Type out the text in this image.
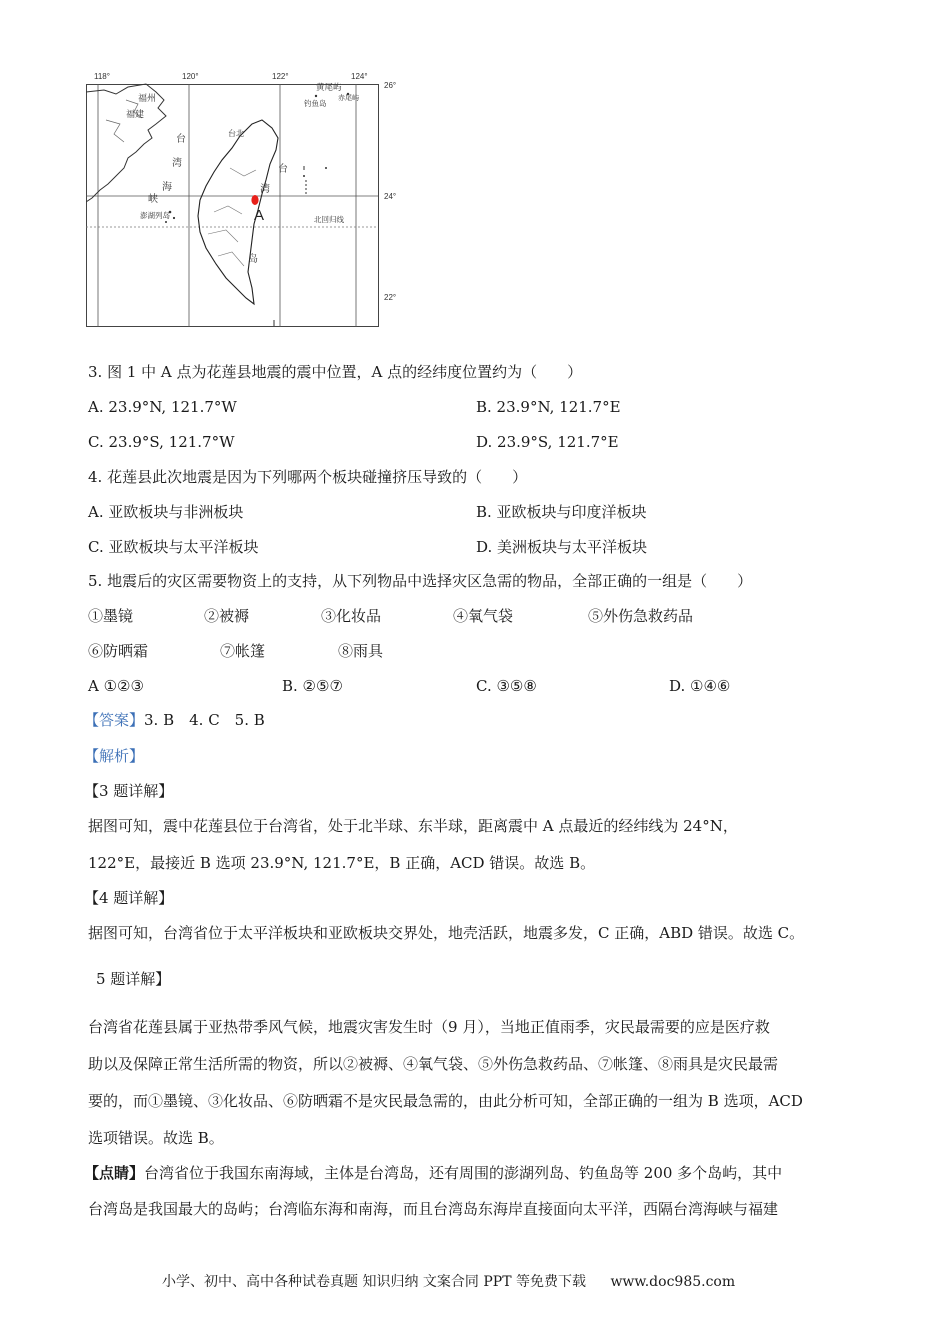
118°	120°	122°	124°
26°
24°
22°
福州
福建
台
湾
海
峡
澎湖列岛
台北
台
湾
岛
黄尾屿
赤尾屿
钓鱼岛
北回归线
A
3. 图 1 中 A 点为花莲县地震的震中位置，A 点的经纬度位置约为（　　）
A. 23.9°N, 121.7°W	B. 23.9°N, 121.7°E
C. 23.9°S, 121.7°W	D. 23.9°S, 121.7°E
4. 花莲县此次地震是因为下列哪两个板块碰撞挤压导致的（　　）
A. 亚欧板块与非洲板块	B. 亚欧板块与印度洋板块
C. 亚欧板块与太平洋板块	D. 美洲板块与太平洋板块
5. 地震后的灾区需要物资上的支持，从下列物品中选择灾区急需的物品，全部正确的一组是（　　）
①墨镜	②被褥	③化妆品	④氧气袋	⑤外伤急救药品
⑥防晒霜	⑦帐篷	⑧雨具
A ①②③	B. ②⑤⑦	C. ③⑤⑧	D. ①④⑥
【答案】3. B　4. C　5. B
【解析】
【3 题详解】
据图可知，震中花莲县位于台湾省，处于北半球、东半球，距离震中 A 点最近的经纬线为 24°N，
122°E，最接近 B 选项 23.9°N, 121.7°E，B 正确，ACD 错误。故选 B。
【4 题详解】
据图可知，台湾省位于太平洋板块和亚欧板块交界处，地壳活跃，地震多发，C 正确，ABD 错误。故选 C。
5 题详解】
台湾省花莲县属于亚热带季风气候，地震灾害发生时（9 月），当地正值雨季，灾民最需要的应是医疗救
助以及保障正常生活所需的物资，所以②被褥、④氧气袋、⑤外伤急救药品、⑦帐篷、⑧雨具是灾民最需
要的，而①墨镜、③化妆品、⑥防晒霜不是灾民最急需的，由此分析可知，全部正确的一组为 B 选项，ACD
选项错误。故选 B。
【点睛】台湾省位于我国东南海域，主体是台湾岛，还有周围的澎湖列岛、钓鱼岛等 200 多个岛屿，其中
台湾岛是我国最大的岛屿；台湾临东海和南海，而且台湾岛东海岸直接面向太平洋，西隔台湾海峡与福建
小学、初中、高中各种试卷真题 知识归纳 文案合同 PPT 等免费下载 www.doc985.com
